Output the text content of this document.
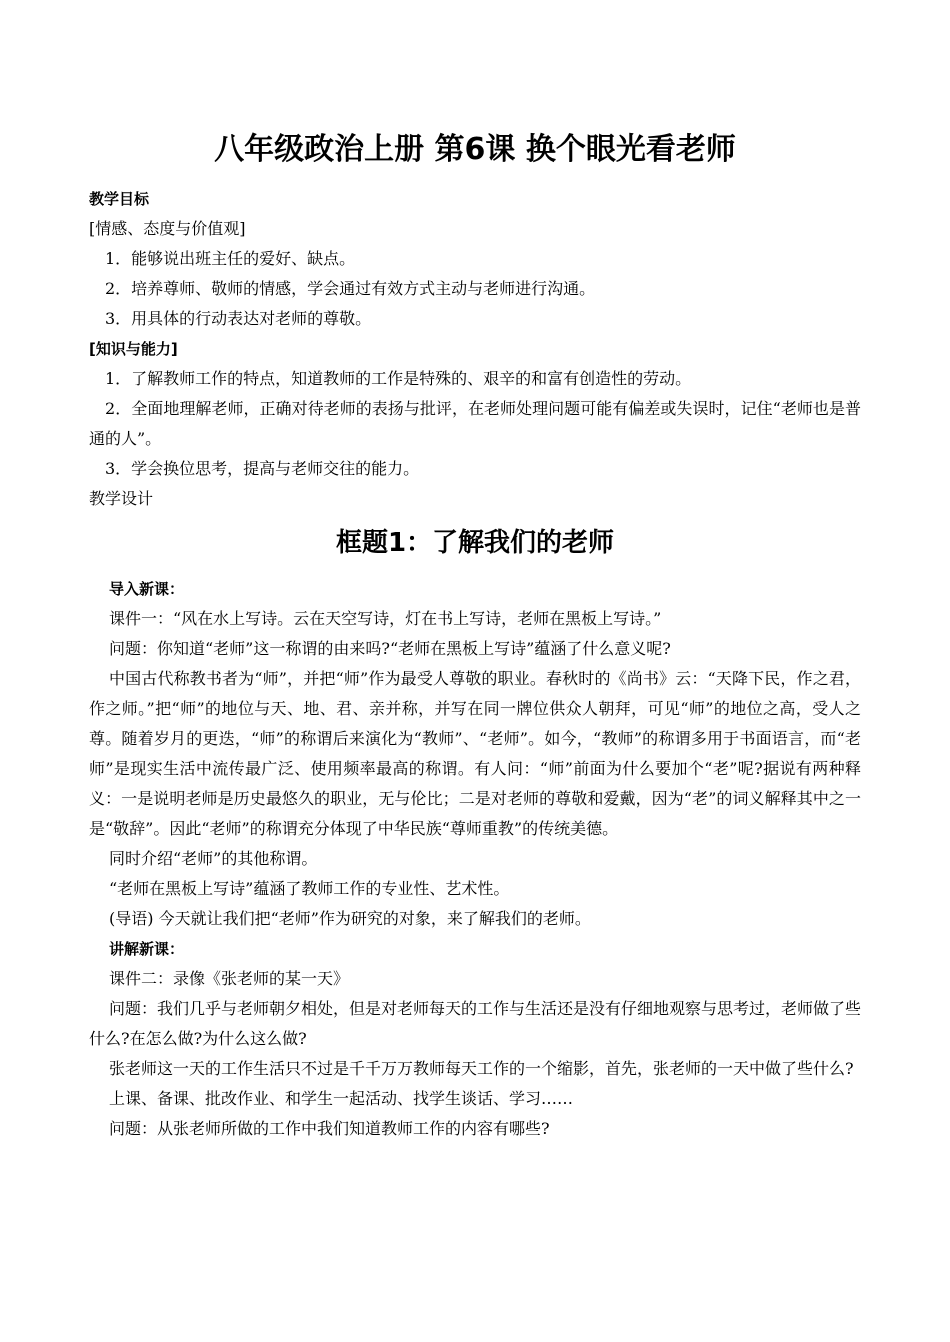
八年级政治上册 第6课 换个眼光看老师

教学目标

[情感、态度与价值观]

1．能够说出班主任的爱好、缺点。

2．培养尊师、敬师的情感，学会通过有效方式主动与老师进行沟通。

3．用具体的行动表达对老师的尊敬。

[知识与能力]

1．了解教师工作的特点，知道教师的工作是特殊的、艰辛的和富有创造性的劳动。

2．全面地理解老师，正确对待老师的表扬与批评，在老师处理问题可能有偏差或失误时，记住“老师也是普通的人”。

3．学会换位思考，提高与老师交往的能力。

教学设计

框题1：了解我们的老师

导入新课：

课件一：“风在水上写诗。云在天空写诗，灯在书上写诗，老师在黑板上写诗。”

问题：你知道“老师”这一称谓的由来吗?“老师在黑板上写诗”蕴涵了什么意义呢?

中国古代称教书者为“师”，并把“师”作为最受人尊敬的职业。春秋时的《尚书》云：“天降下民，作之君，作之师。”把“师”的地位与天、地、君、亲并称，并写在同一牌位供众人朝拜，可见“师”的地位之高，受人之尊。随着岁月的更迭，“师”的称谓后来演化为“教师”、“老师”。如今，“教师”的称谓多用于书面语言，而“老师”是现实生活中流传最广泛、使用频率最高的称谓。有人问：“师”前面为什么要加个“老”呢?据说有两种释义：一是说明老师是历史最悠久的职业，无与伦比；二是对老师的尊敬和爱戴，因为“老”的词义解释其中之一是“敬辞”。因此“老师”的称谓充分体现了中华民族“尊师重教”的传统美德。

同时介绍“老师”的其他称谓。

“老师在黑板上写诗”蕴涵了教师工作的专业性、艺术性。

(导语) 今天就让我们把“老师”作为研究的对象，来了解我们的老师。

讲解新课：

课件二：录像《张老师的某一天》

问题：我们几乎与老师朝夕相处，但是对老师每天的工作与生活还是没有仔细地观察与思考过，老师做了些什么?在怎么做?为什么这么做?

张老师这一天的工作生活只不过是千千万万教师每天工作的一个缩影，首先，张老师的一天中做了些什么?

上课、备课、批改作业、和学生一起活动、找学生谈话、学习……

问题：从张老师所做的工作中我们知道教师工作的内容有哪些?
